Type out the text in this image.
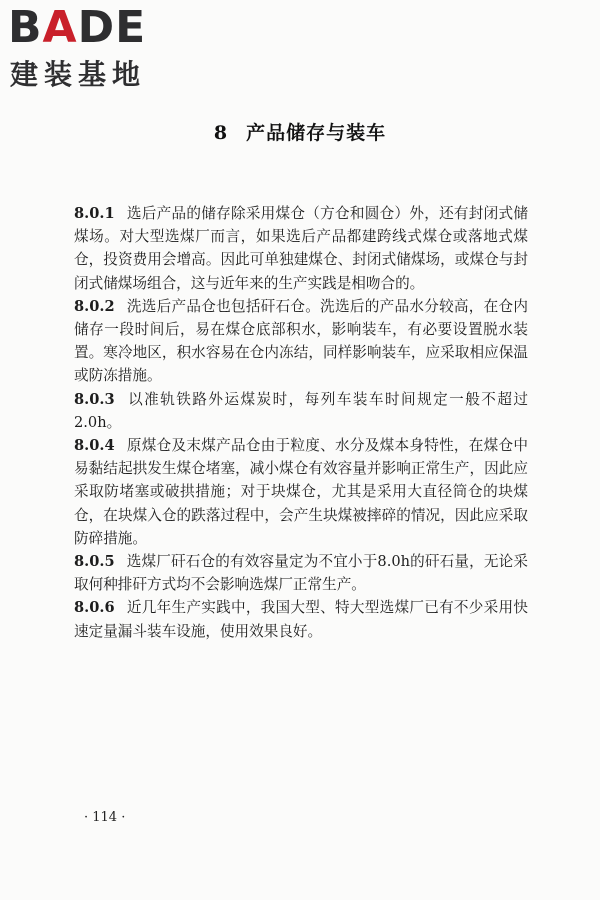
BADE
建装基地
8 产品储存与装车

8.0.1 选后产品的储存除采用煤仓（方仓和圆仓）外，还有封闭式储煤场。对大型选煤厂而言，如果选后产品都建跨线式煤仓或落地式煤仓，投资费用会增高。因此可单独建煤仓、封闭式储煤场，或煤仓与封闭式储煤场组合，这与近年来的生产实践是相吻合的。

8.0.2 洗选后产品仓也包括矸石仓。洗选后的产品水分较高，在仓内储存一段时间后，易在煤仓底部积水，影响装车，有必要设置脱水装置。寒冷地区，积水容易在仓内冻结，同样影响装车，应采取相应保温或防冻措施。

8.0.3 以准轨铁路外运煤炭时，每列车装车时间规定一般不超过2.0h。

8.0.4 原煤仓及末煤产品仓由于粒度、水分及煤本身特性，在煤仓中易黏结起拱发生煤仓堵塞，减小煤仓有效容量并影响正常生产，因此应采取防堵塞或破拱措施；对于块煤仓，尤其是采用大直径筒仓的块煤仓，在块煤入仓的跌落过程中，会产生块煤被摔碎的情况，因此应采取防碎措施。

8.0.5 选煤厂矸石仓的有效容量定为不宜小于8.0h的矸石量，无论采取何种排矸方式均不会影响选煤厂正常生产。

8.0.6 近几年生产实践中，我国大型、特大型选煤厂已有不少采用快速定量漏斗装车设施，使用效果良好。

· 114 ·
